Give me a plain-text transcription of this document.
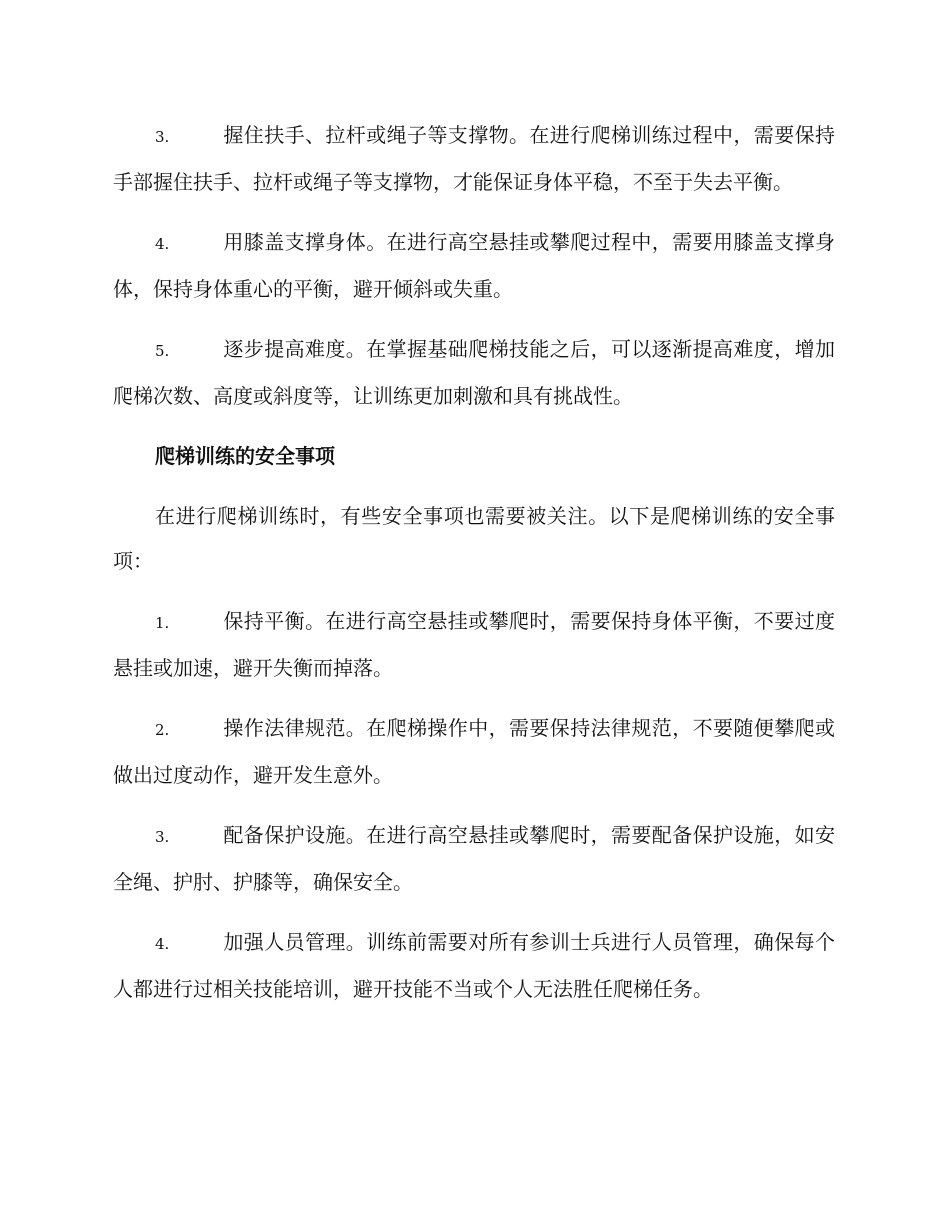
3.	握住扶手、拉杆或绳子等支撑物。在进行爬梯训练过程中，需要保持手部握住扶手、拉杆或绳子等支撑物，才能保证身体平稳，不至于失去平衡。

4.	用膝盖支撑身体。在进行高空悬挂或攀爬过程中，需要用膝盖支撑身体，保持身体重心的平衡，避开倾斜或失重。

5.	逐步提高难度。在掌握基础爬梯技能之后，可以逐渐提高难度，增加爬梯次数、高度或斜度等，让训练更加刺激和具有挑战性。

爬梯训练的安全事项

在进行爬梯训练时，有些安全事项也需要被关注。以下是爬梯训练的安全事项：

1.	保持平衡。在进行高空悬挂或攀爬时，需要保持身体平衡，不要过度悬挂或加速，避开失衡而掉落。

2.	操作法律规范。在爬梯操作中，需要保持法律规范，不要随便攀爬或做出过度动作，避开发生意外。

3.	配备保护设施。在进行高空悬挂或攀爬时，需要配备保护设施，如安全绳、护肘、护膝等，确保安全。

4.	加强人员管理。训练前需要对所有参训士兵进行人员管理，确保每个人都进行过相关技能培训，避开技能不当或个人无法胜任爬梯任务。
